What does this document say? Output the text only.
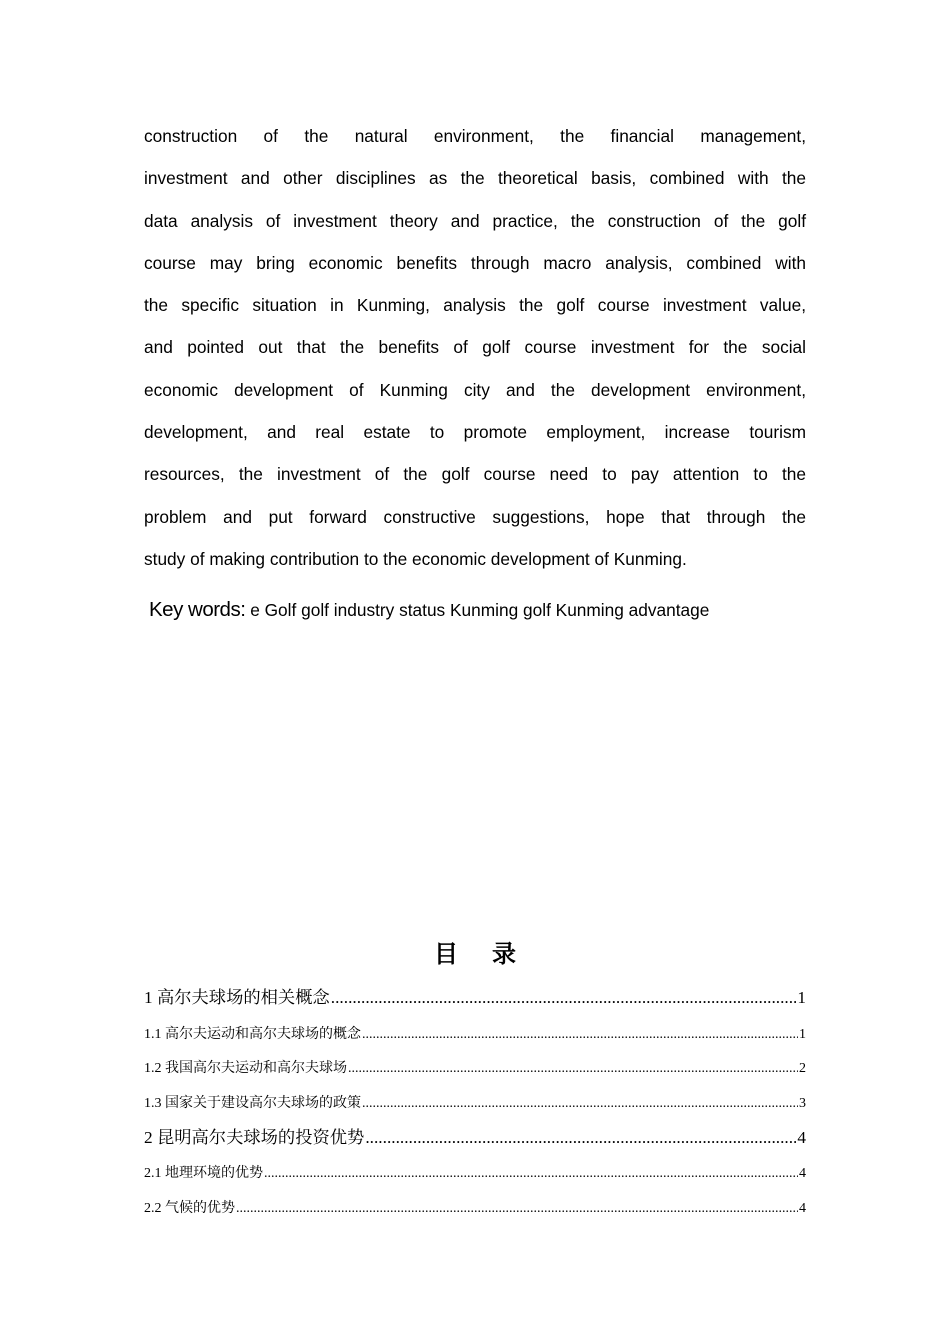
construction of the natural environment, the financial management,
investment and other disciplines as the theoretical basis, combined with the
data analysis of investment theory and practice, the construction of the golf
course may bring economic benefits through macro analysis, combined with
the specific situation in Kunming, analysis the golf course investment value,
and pointed out that the benefits of golf course investment for the social
economic development of Kunming city and the development environment,
development, and real estate to promote employment, increase tourism
resources, the investment of the golf course need to pay attention to the
problem and put forward constructive suggestions, hope that through the
study of making contribution to the economic development of Kunming.
Key words: e Golf golf industry status Kunming golf Kunming advantage
目 录
1 高尔夫球场的相关概念 .....	1
1.1 高尔夫运动和高尔夫球场的概念 .....	1
1.2 我国高尔夫运动和高尔夫球场 .....	2
1.3 国家关于建设高尔夫球场的政策 .....	3
2 昆明高尔夫球场的投资优势 .....	4
2.1 地理环境的优势 .....	4
2.2 气候的优势 .....	4
